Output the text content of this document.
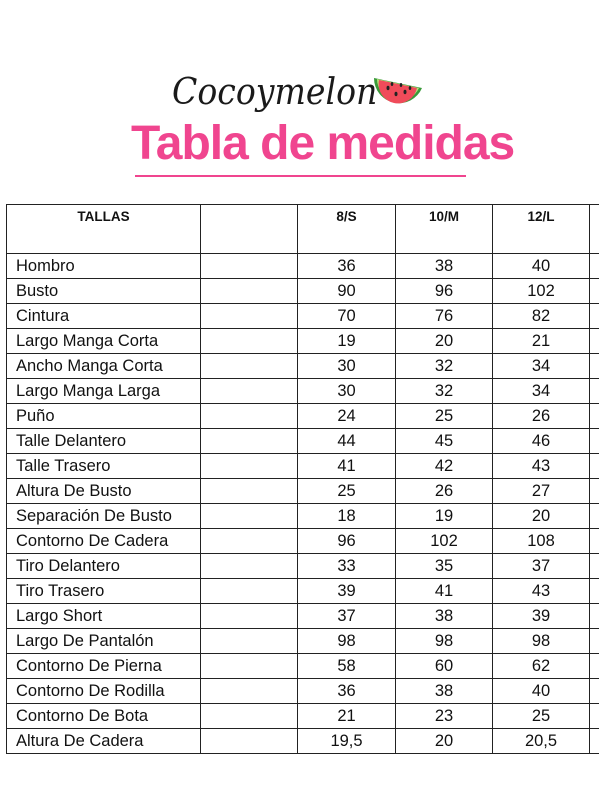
Cocoymelon
Tabla de medidas
TALLAS		8/S	10/M	12/L	
Hombro		36	38	40	
Busto		90	96	102	
Cintura		70	76	82	
Largo Manga Corta		19	20	21	
Ancho Manga Corta		30	32	34	
Largo Manga Larga		30	32	34	
Puño		24	25	26	
Talle Delantero		44	45	46	
Talle Trasero		41	42	43	
Altura De Busto		25	26	27	
Separación De Busto		18	19	20	
Contorno De Cadera		96	102	108	
Tiro Delantero		33	35	37	
Tiro Trasero		39	41	43	
Largo Short		37	38	39	
Largo De Pantalón		98	98	98	
Contorno De Pierna		58	60	62	
Contorno De Rodilla		36	38	40	
Contorno De Bota		21	23	25	
Altura De Cadera		19,5	20	20,5	
